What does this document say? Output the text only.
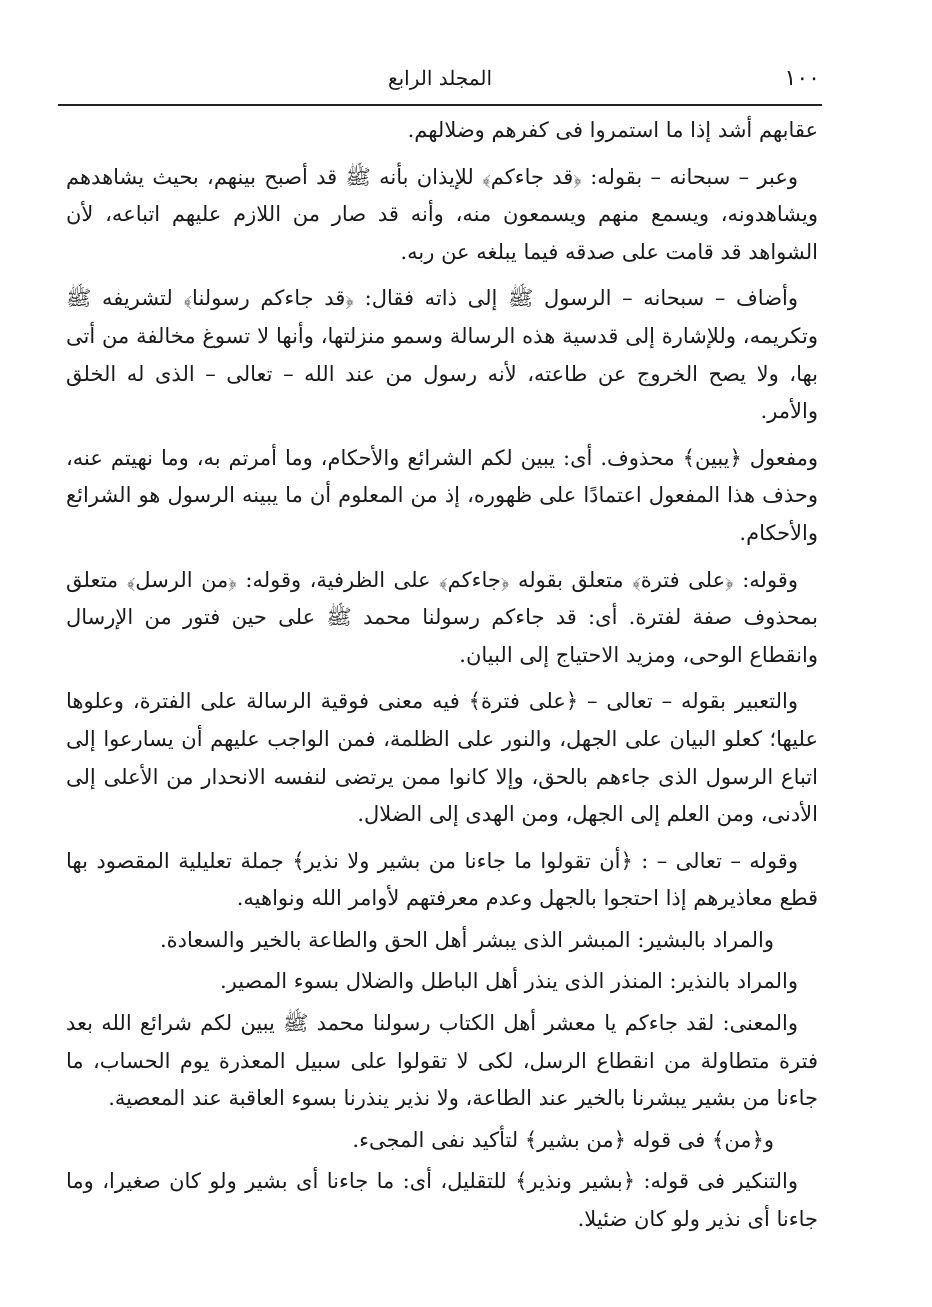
١٠٠
المجلد الرابع

عقابهم أشد إذا ما استمروا فى كفرهم وضلالهم.

وعبر – سبحانه – بقوله: ﴿قد جاءكم﴾ للإيذان بأنه ﷺ قد أصبح بينهم، بحيث يشاهدهم ويشاهدونه، ويسمع منهم ويسمعون منه، وأنه قد صار من اللازم عليهم اتباعه، لأن الشواهد قد قامت على صدقه فيما يبلغه عن ربه.

وأضاف – سبحانه – الرسول ﷺ إلى ذاته فقال: ﴿قد جاءكم رسولنا﴾ لتشريفه ﷺ وتكريمه، وللإشارة إلى قدسية هذه الرسالة وسمو منزلتها، وأنها لا تسوغ مخالفة من أتى بها، ولا يصح الخروج عن طاعته، لأنه رسول من عند الله – تعالى – الذى له الخلق والأمر.

ومفعول ﴿يبين﴾ محذوف. أى: يبين لكم الشرائع والأحكام، وما أمرتم به، وما نهيتم عنه، وحذف هذا المفعول اعتمادًا على ظهوره، إذ من المعلوم أن ما يبينه الرسول هو الشرائع والأحكام.

وقوله: ﴿على فترة﴾ متعلق بقوله ﴿جاءكم﴾ على الظرفية، وقوله: ﴿من الرسل﴾ متعلق بمحذوف صفة لفترة. أى: قد جاءكم رسولنا محمد ﷺ على حين فتور من الإرسال وانقطاع الوحى، ومزيد الاحتياج إلى البيان.

والتعبير بقوله – تعالى – ﴿على فترة﴾ فيه معنى فوقية الرسالة على الفترة، وعلوها عليها؛ كعلو البيان على الجهل، والنور على الظلمة، فمن الواجب عليهم أن يسارعوا إلى اتباع الرسول الذى جاءهم بالحق، وإلا كانوا ممن يرتضى لنفسه الانحدار من الأعلى إلى الأدنى، ومن العلم إلى الجهل، ومن الهدى إلى الضلال.

وقوله – تعالى – : ﴿أن تقولوا ما جاءنا من بشير ولا نذير﴾ جملة تعليلية المقصود بها قطع معاذيرهم إذا احتجوا بالجهل وعدم معرفتهم لأوامر الله ونواهيه.

والمراد بالبشير: المبشر الذى يبشر أهل الحق والطاعة بالخير والسعادة.

والمراد بالنذير: المنذر الذى ينذر أهل الباطل والضلال بسوء المصير.

والمعنى: لقد جاءكم يا معشر أهل الكتاب رسولنا محمد ﷺ يبين لكم شرائع الله بعد فترة متطاولة من انقطاع الرسل، لكى لا تقولوا على سبيل المعذرة يوم الحساب، ما جاءنا من بشير يبشرنا بالخير عند الطاعة، ولا نذير ينذرنا بسوء العاقبة عند المعصية.

و﴿من﴾ فى قوله ﴿من بشير﴾ لتأكيد نفى المجىء.

والتنكير فى قوله: ﴿بشير ونذير﴾ للتقليل، أى: ما جاءنا أى بشير ولو كان صغيرا، وما جاءنا أى نذير ولو كان ضئيلا.
